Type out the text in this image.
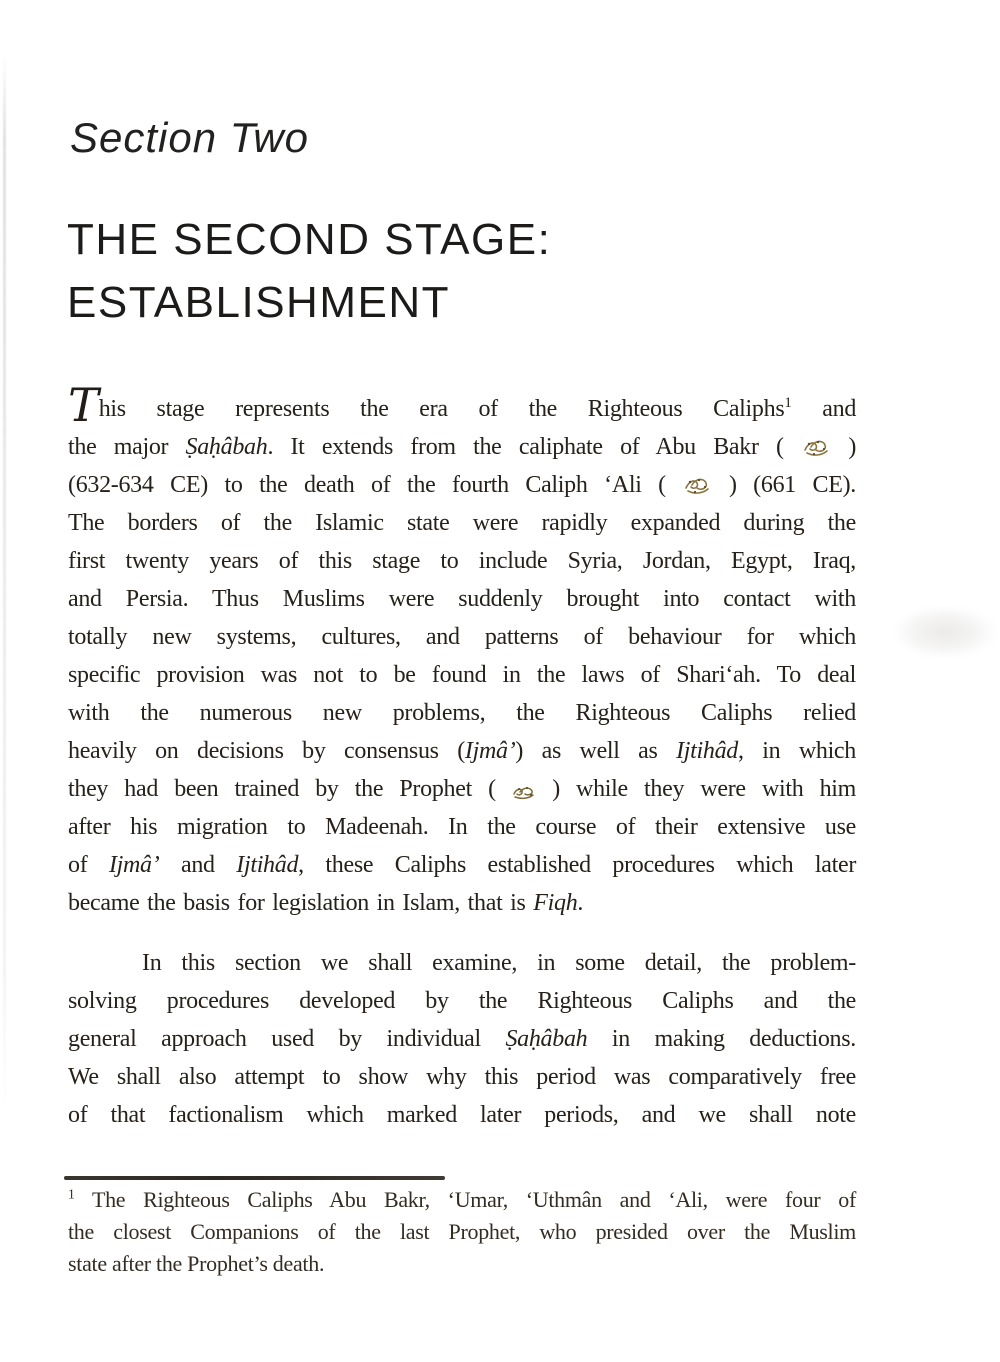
Section Two
THE SECOND STAGE:
ESTABLISHMENT
This stage represents the era of the Righteous Caliphs$^1$ and
the major Ṣaḥâbah. It extends from the caliphate of Abu Bakr (  )
(632-634 CE) to the death of the fourth Caliph ‘Ali (  ) (661 CE).
The borders of the Islamic state were rapidly expanded during the
first twenty years of this stage to include Syria, Jordan, Egypt, Iraq,
and Persia. Thus Muslims were suddenly brought into contact with
totally new systems, cultures, and patterns of behaviour for which
specific provision was not to be found in the laws of Shari‘ah. To deal
with the numerous new problems, the Righteous Caliphs relied
heavily on decisions by consensus (Ijmâ’) as well as Ijtihâd, in which
they had been trained by the Prophet ( ) while they were with him
after his migration to Madeenah. In the course of their extensive use
of Ijmâ’ and Ijtihâd, these Caliphs established procedures which later
became the basis for legislation in Islam, that is Fiqh.
In this section we shall examine, in some detail, the problem-
solving procedures developed by the Righteous Caliphs and the
general approach used by individual Ṣaḥâbah in making deductions.
We shall also attempt to show why this period was comparatively free
of that factionalism which marked later periods, and we shall note
$^1$ The Righteous Caliphs Abu Bakr, ‘Umar, ‘Uthmân and ‘Ali, were four of
the closest Companions of the last Prophet, who presided over the Muslim
state after the Prophet’s death.
